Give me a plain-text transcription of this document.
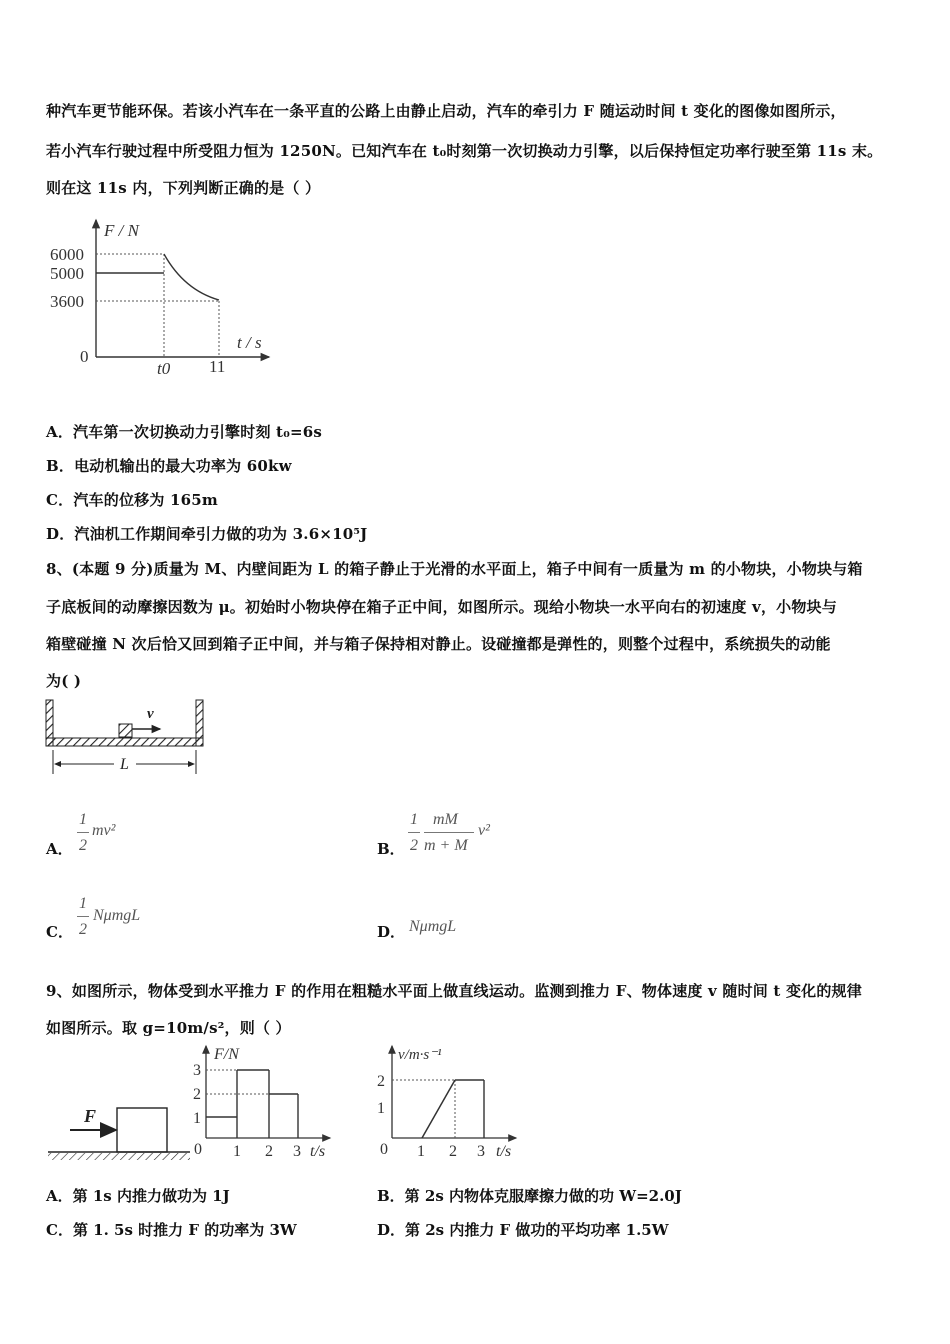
种汽车更节能环保。若该小汽车在一条平直的公路上由静止启动，汽车的牵引力 F 随运动时间 t 变化的图像如图所示，
若小汽车行驶过程中所受阻力恒为 1250N。已知汽车在 t₀时刻第一次切换动力引擎，以后保持恒定功率行驶至第 11s 末。
则在这 11s 内，下列判断正确的是（ ）
F / N
t / s
0
6000
5000
3600
t0 11
A．汽车第一次切换动力引擎时刻 t₀=6s
B．电动机输出的最大功率为 60kw
C．汽车的位移为 165m
D．汽油机工作期间牵引力做的功为 3.6×10⁵J
8、(本题 9 分)质量为 M、内壁间距为 L 的箱子静止于光滑的水平面上，箱子中间有一质量为 m 的小物块，小物块与箱
子底板间的动摩擦因数为 μ。初始时小物块停在箱子正中间，如图所示。现给小物块一水平向右的初速度 v，小物块与
箱壁碰撞 N 次后恰又回到箱子正中间，并与箱子保持相对静止。设碰撞都是弹性的，则整个过程中，系统损失的动能
为( )
v
L
A．
1
2
mv²
B．
1
2
mM
m + M
v²
C．
1
2
NμmgL
D． NμmgL
9、如图所示，物体受到水平推力 F 的作用在粗糙水平面上做直线运动。监测到推力 F、物体速度 v 随时间 t 变化的规律
如图所示。取 g=10m/s²，则（ ）
F
F/N
t/s
0
3
2
1
1 2 3
v/m·s⁻¹
t/s
0
2
1
1 2 3
A．第 1s 内推力做功为 1J	B．第 2s 内物体克服摩擦力做的功 W=2.0J
C．第 1. 5s 时推力 F 的功率为 3W	D．第 2s 内推力 F 做功的平均功率 1.5W
